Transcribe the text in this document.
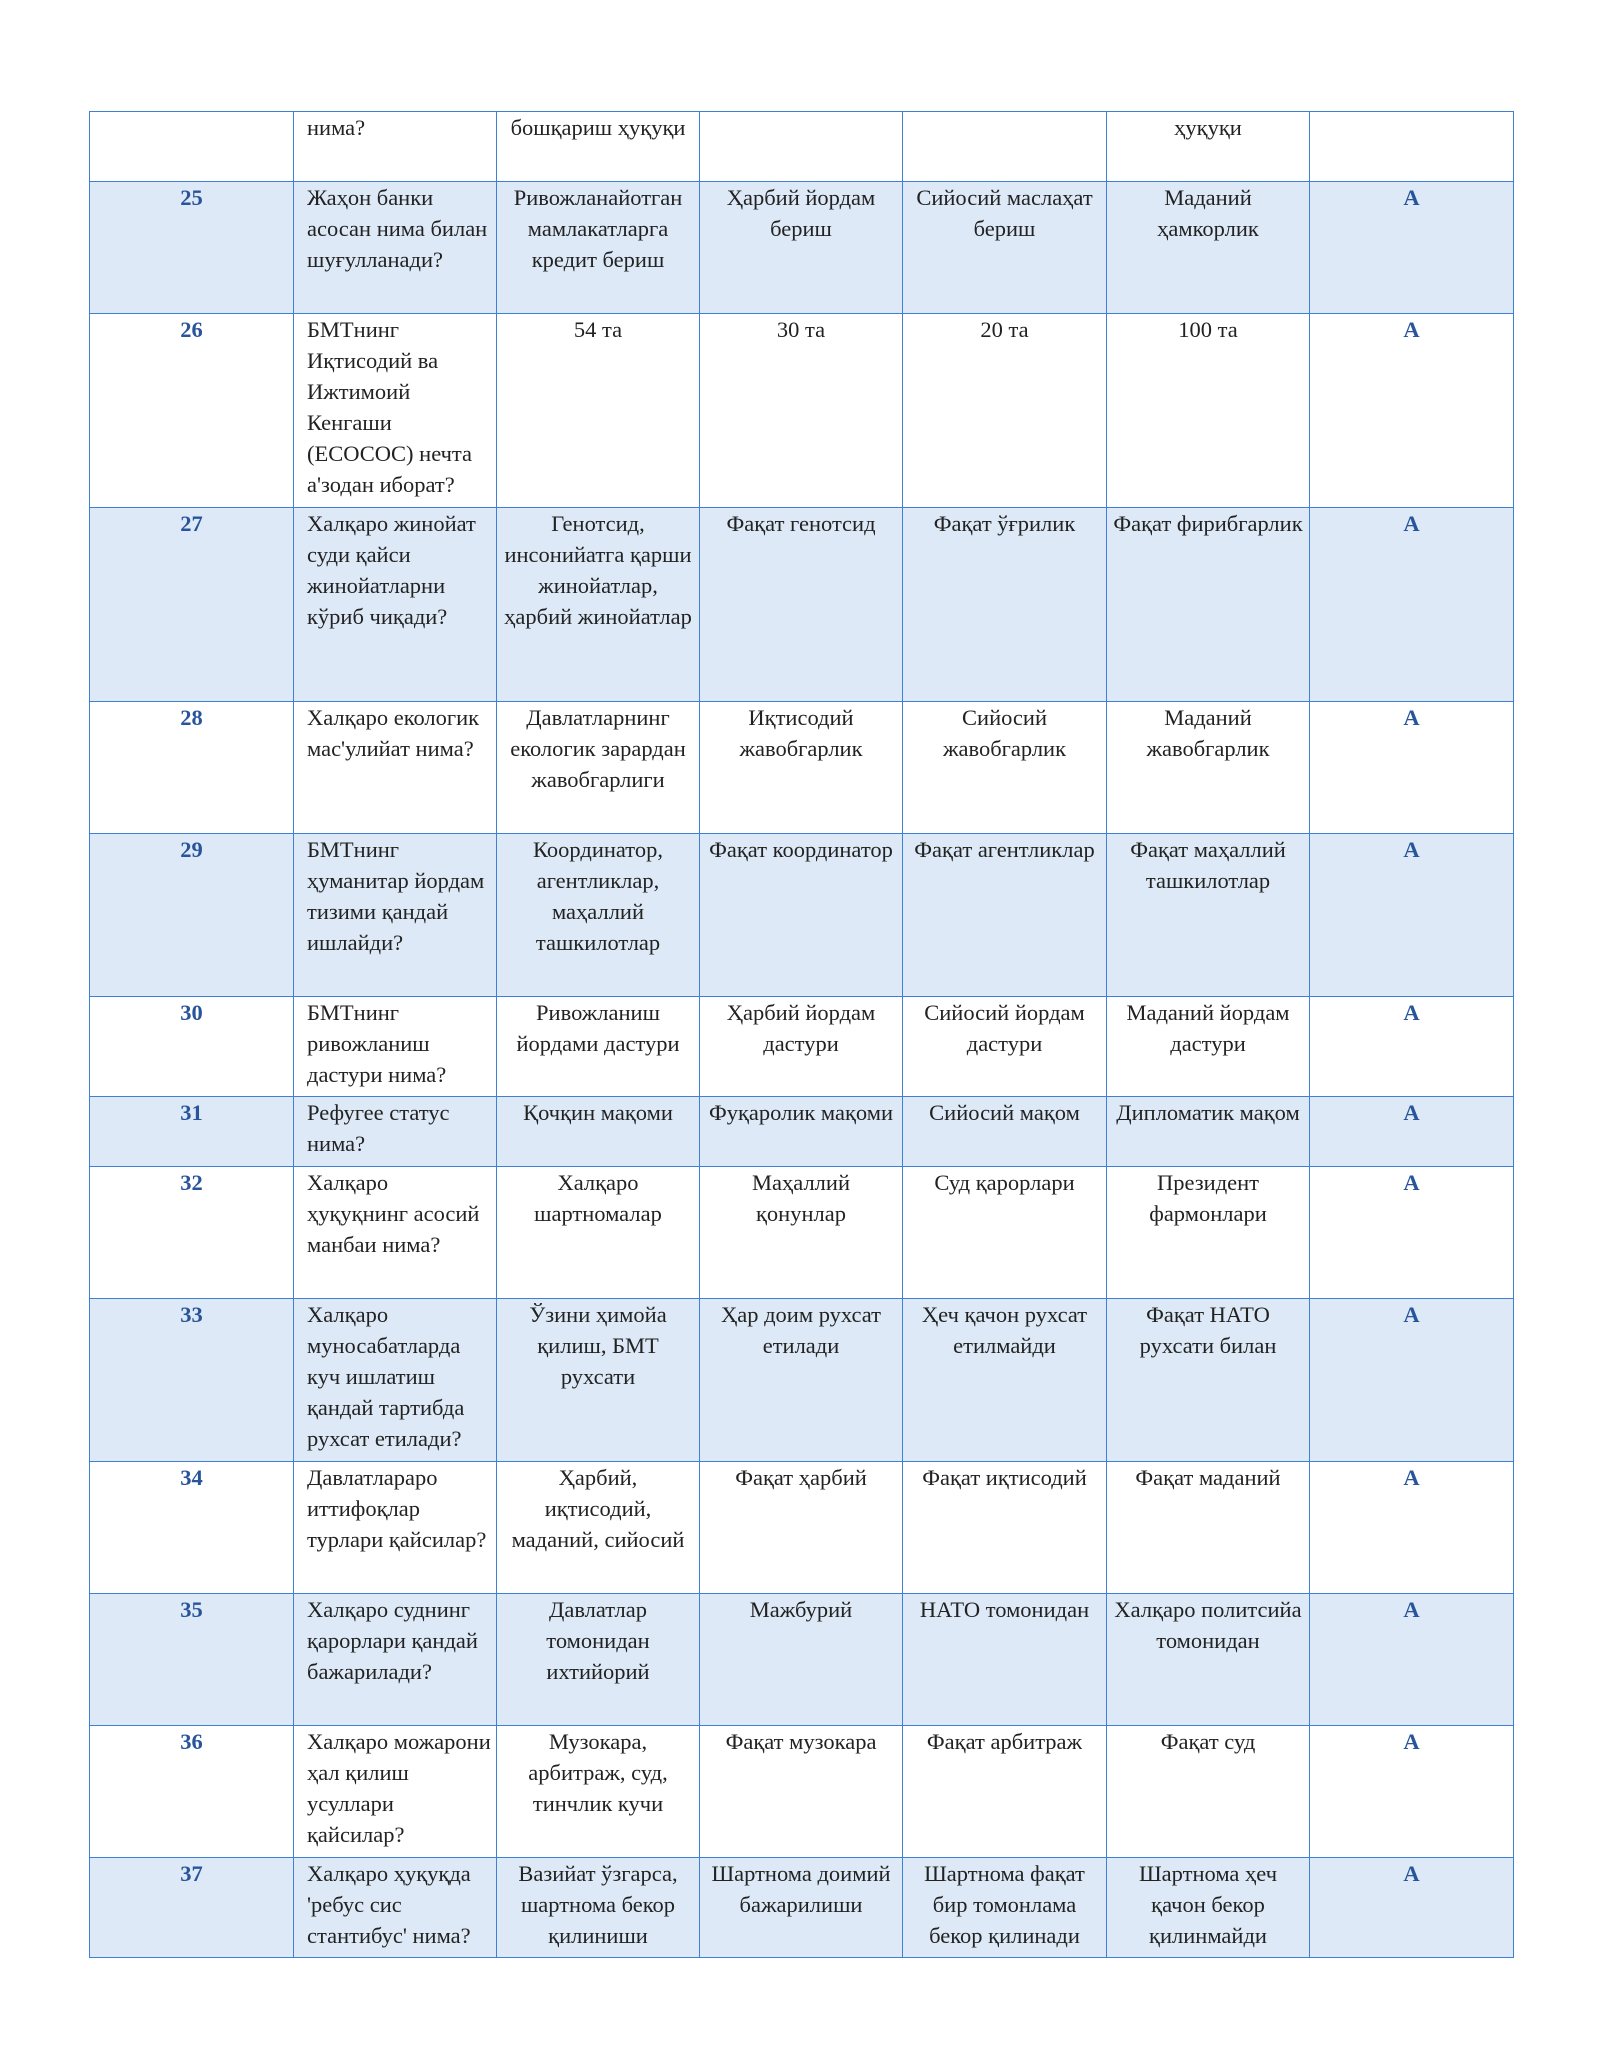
	нима?	бошқариш ҳуқуқи			ҳуқуқи	

25	Жаҳон банки асосан нима билан шуғулланади?	Ривожланайотган мамлакатларга кредит бериш	Ҳарбий йордам бериш	Сийосий маслаҳат бериш	Маданий ҳамкорлик	A

26	БМТнинг Иқтисодий ва Ижтимоий Кенгаши (ЕCОСОC) нечта а'зодан иборат?	54 та	30 та	20 та	100 та	A

27	Халқаро жинойат суди қайси жинойатларни кўриб чиқади?	Генотсид, инсонийатга қарши жинойатлар, ҳарбий жинойатлар	Фақат генотсид	Фақат ўғрилик	Фақат фирибгарлик	A

28	Халқаро екологик мас'улийат нима?	Давлатларнинг екологик зарардан жавобгарлиги	Иқтисодий жавобгарлик	Сийосий жавобгарлик	Маданий жавобгарлик	A

29	БМТнинг ҳуманитар йордам тизими қандай ишлайди?	Координатор, агентликлар, маҳаллий ташкилотлар	Фақат координатор	Фақат агентликлар	Фақат маҳаллий ташкилотлар	A

30	БМТнинг ривожланиш дастури нима?	Ривожланиш йордами дастури	Ҳарбий йордам дастури	Сийосий йордам дастури	Маданий йордам дастури	A

31	Рефугее статус нима?	Қочқин мақоми	Фуқаролик мақоми	Сийосий мақом	Дипломатик мақом	A

32	Халқаро ҳуқуқнинг асосий манбаи нима?	Халқаро шартномалар	Маҳаллий қонунлар	Суд қарорлари	Президент фармонлари	A

33	Халқаро муносабатларда куч ишлатиш қандай тартибда рухсат етилади?	Ўзини ҳимойа қилиш, БМТ рухсати	Ҳар доим рухсат етилади	Ҳеч қачон рухсат етилмайди	Фақат НАТО рухсати билан	A

34	Давлатлараро иттифоқлар турлари қайсилар?	Ҳарбий, иқтисодий, маданий, сийосий	Фақат ҳарбий	Фақат иқтисодий	Фақат маданий	A

35	Халқаро суднинг қарорлари қандай бажарилади?	Давлатлар томонидан ихтийорий	Мажбурий	НАТО томонидан	Халқаро политсийа томонидан	A

36	Халқаро можарони ҳал қилиш усуллари қайсилар?	Музокара, арбитраж, суд, тинчлик кучи	Фақат музокара	Фақат арбитраж	Фақат суд	A

37	Халқаро ҳуқуқда 'ребус сис стантибус' нима?	Вазийат ўзгарса, шартнома бекор қилиниши	Шартнома доимий бажарилиши	Шартнома фақат бир томонлама бекор қилинади	Шартнома ҳеч қачон бекор қилинмайди	A
